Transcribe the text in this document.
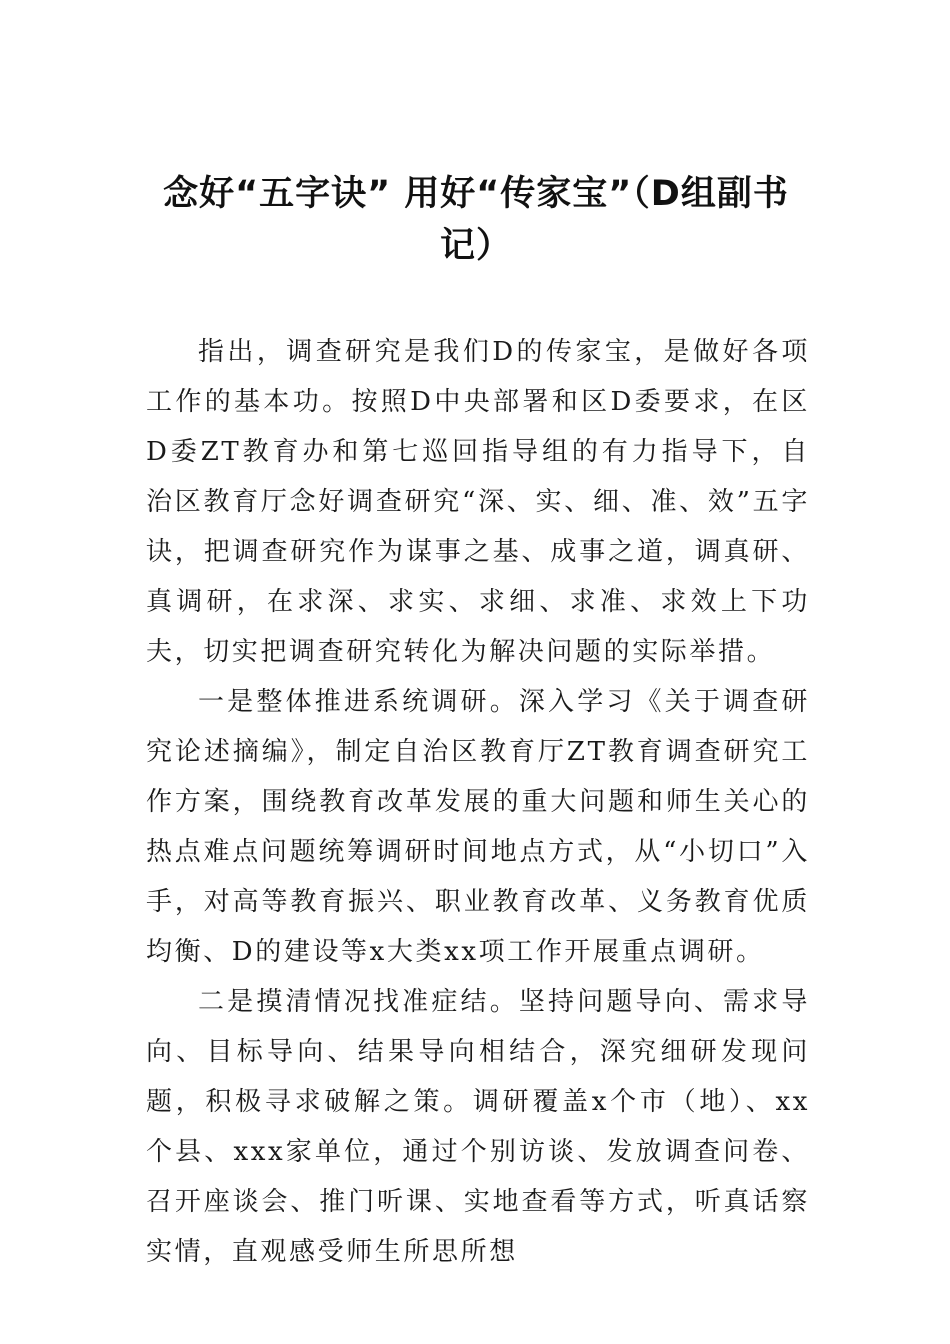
念好“五字诀” 用好“传家宝”（D组副书记）

指出，调查研究是我们D的传家宝，是做好各项工作的基本功。按照D中央部署和区D委要求，在区D委ZT教育办和第七巡回指导组的有力指导下，自治区教育厅念好调查研究“深、实、细、准、效”五字诀，把调查研究作为谋事之基、成事之道，调真研、真调研，在求深、求实、求细、求准、求效上下功夫，切实把调查研究转化为解决问题的实际举措。

一是整体推进系统调研。深入学习《关于调查研究论述摘编》，制定自治区教育厅ZT教育调查研究工作方案，围绕教育改革发展的重大问题和师生关心的热点难点问题统筹调研时间地点方式，从“小切口”入手，对高等教育振兴、职业教育改革、义务教育优质均衡、D的建设等x大类xx项工作开展重点调研。

二是摸清情况找准症结。坚持问题导向、需求导向、目标导向、结果导向相结合，深究细研发现问题，积极寻求破解之策。调研覆盖x个市（地）、xx个县、xxx家单位，通过个别访谈、发放调查问卷、召开座谈会、推门听课、实地查看等方式，听真话察实情，直观感受师生所思所想
